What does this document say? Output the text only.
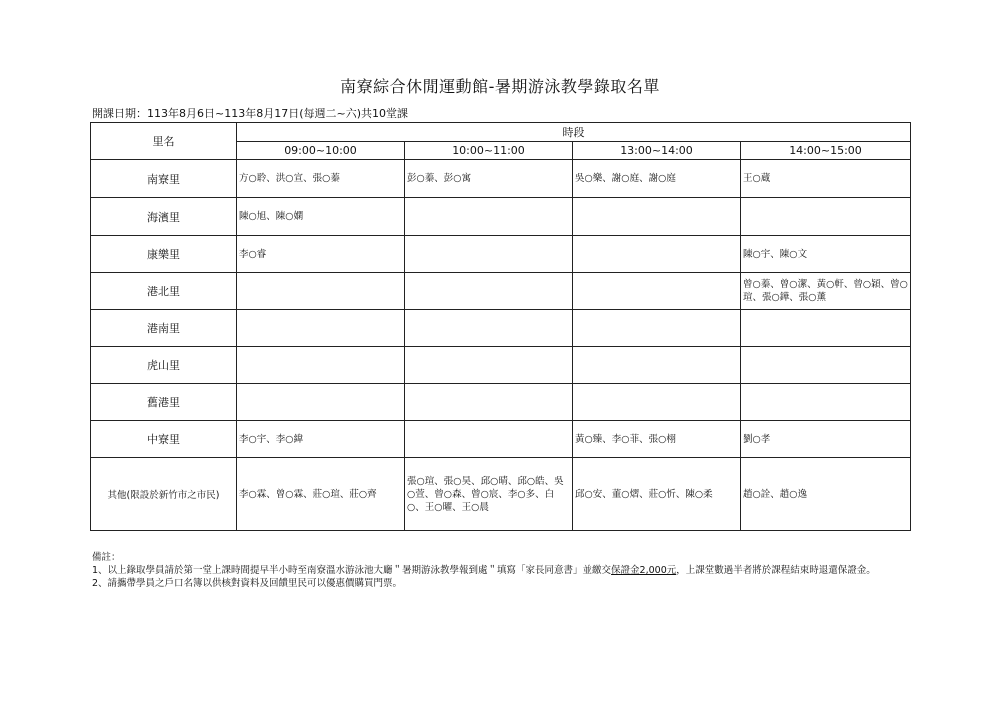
南寮綜合休閒運動館-暑期游泳教學錄取名單
開課日期：113年8月6日~113年8月17日(每週二~六)共10堂課
里名	時段			
	09:00~10:00	10:00~11:00	13:00~14:00	14:00~15:00
南寮里	方○聆、洪○宣、張○蓁	彭○蓁、彭○寓	吳○樂、謝○庭、謝○庭	王○蔵
海濱里	陳○旭、陳○嫻			
康樂里	李○睿			陳○宇、陳○文
港北里				曾○蓁、曾○潔、黃○軒、曾○穎、曾○瑄、張○鏵、張○薰
港南里				
虎山里				
舊港里				
中寮里	李○宇、李○緯		黃○臻、李○菲、張○栩	劉○孝
其他(限設於新竹市之市民)	李○霖、曾○霖、莊○瑄、莊○齊	張○瑄、張○昊、邱○晴、邱○皓、吳○萱、曾○森、曾○宸、李○多、白○、王○曜、王○晨	邱○安、董○熠、莊○忻、陳○柔	趙○詮、趙○逸
備註：
1、以上錄取學員請於第一堂上課時間提早半小時至南寮溫水游泳池大廳＂暑期游泳教學報到處＂填寫「家長同意書」並繳交保證金2,000元，上課堂數過半者將於課程結束時退還保證金。
2、請攜帶學員之戶口名簿以供核對資料及回饋里民可以優惠價購買門票。
